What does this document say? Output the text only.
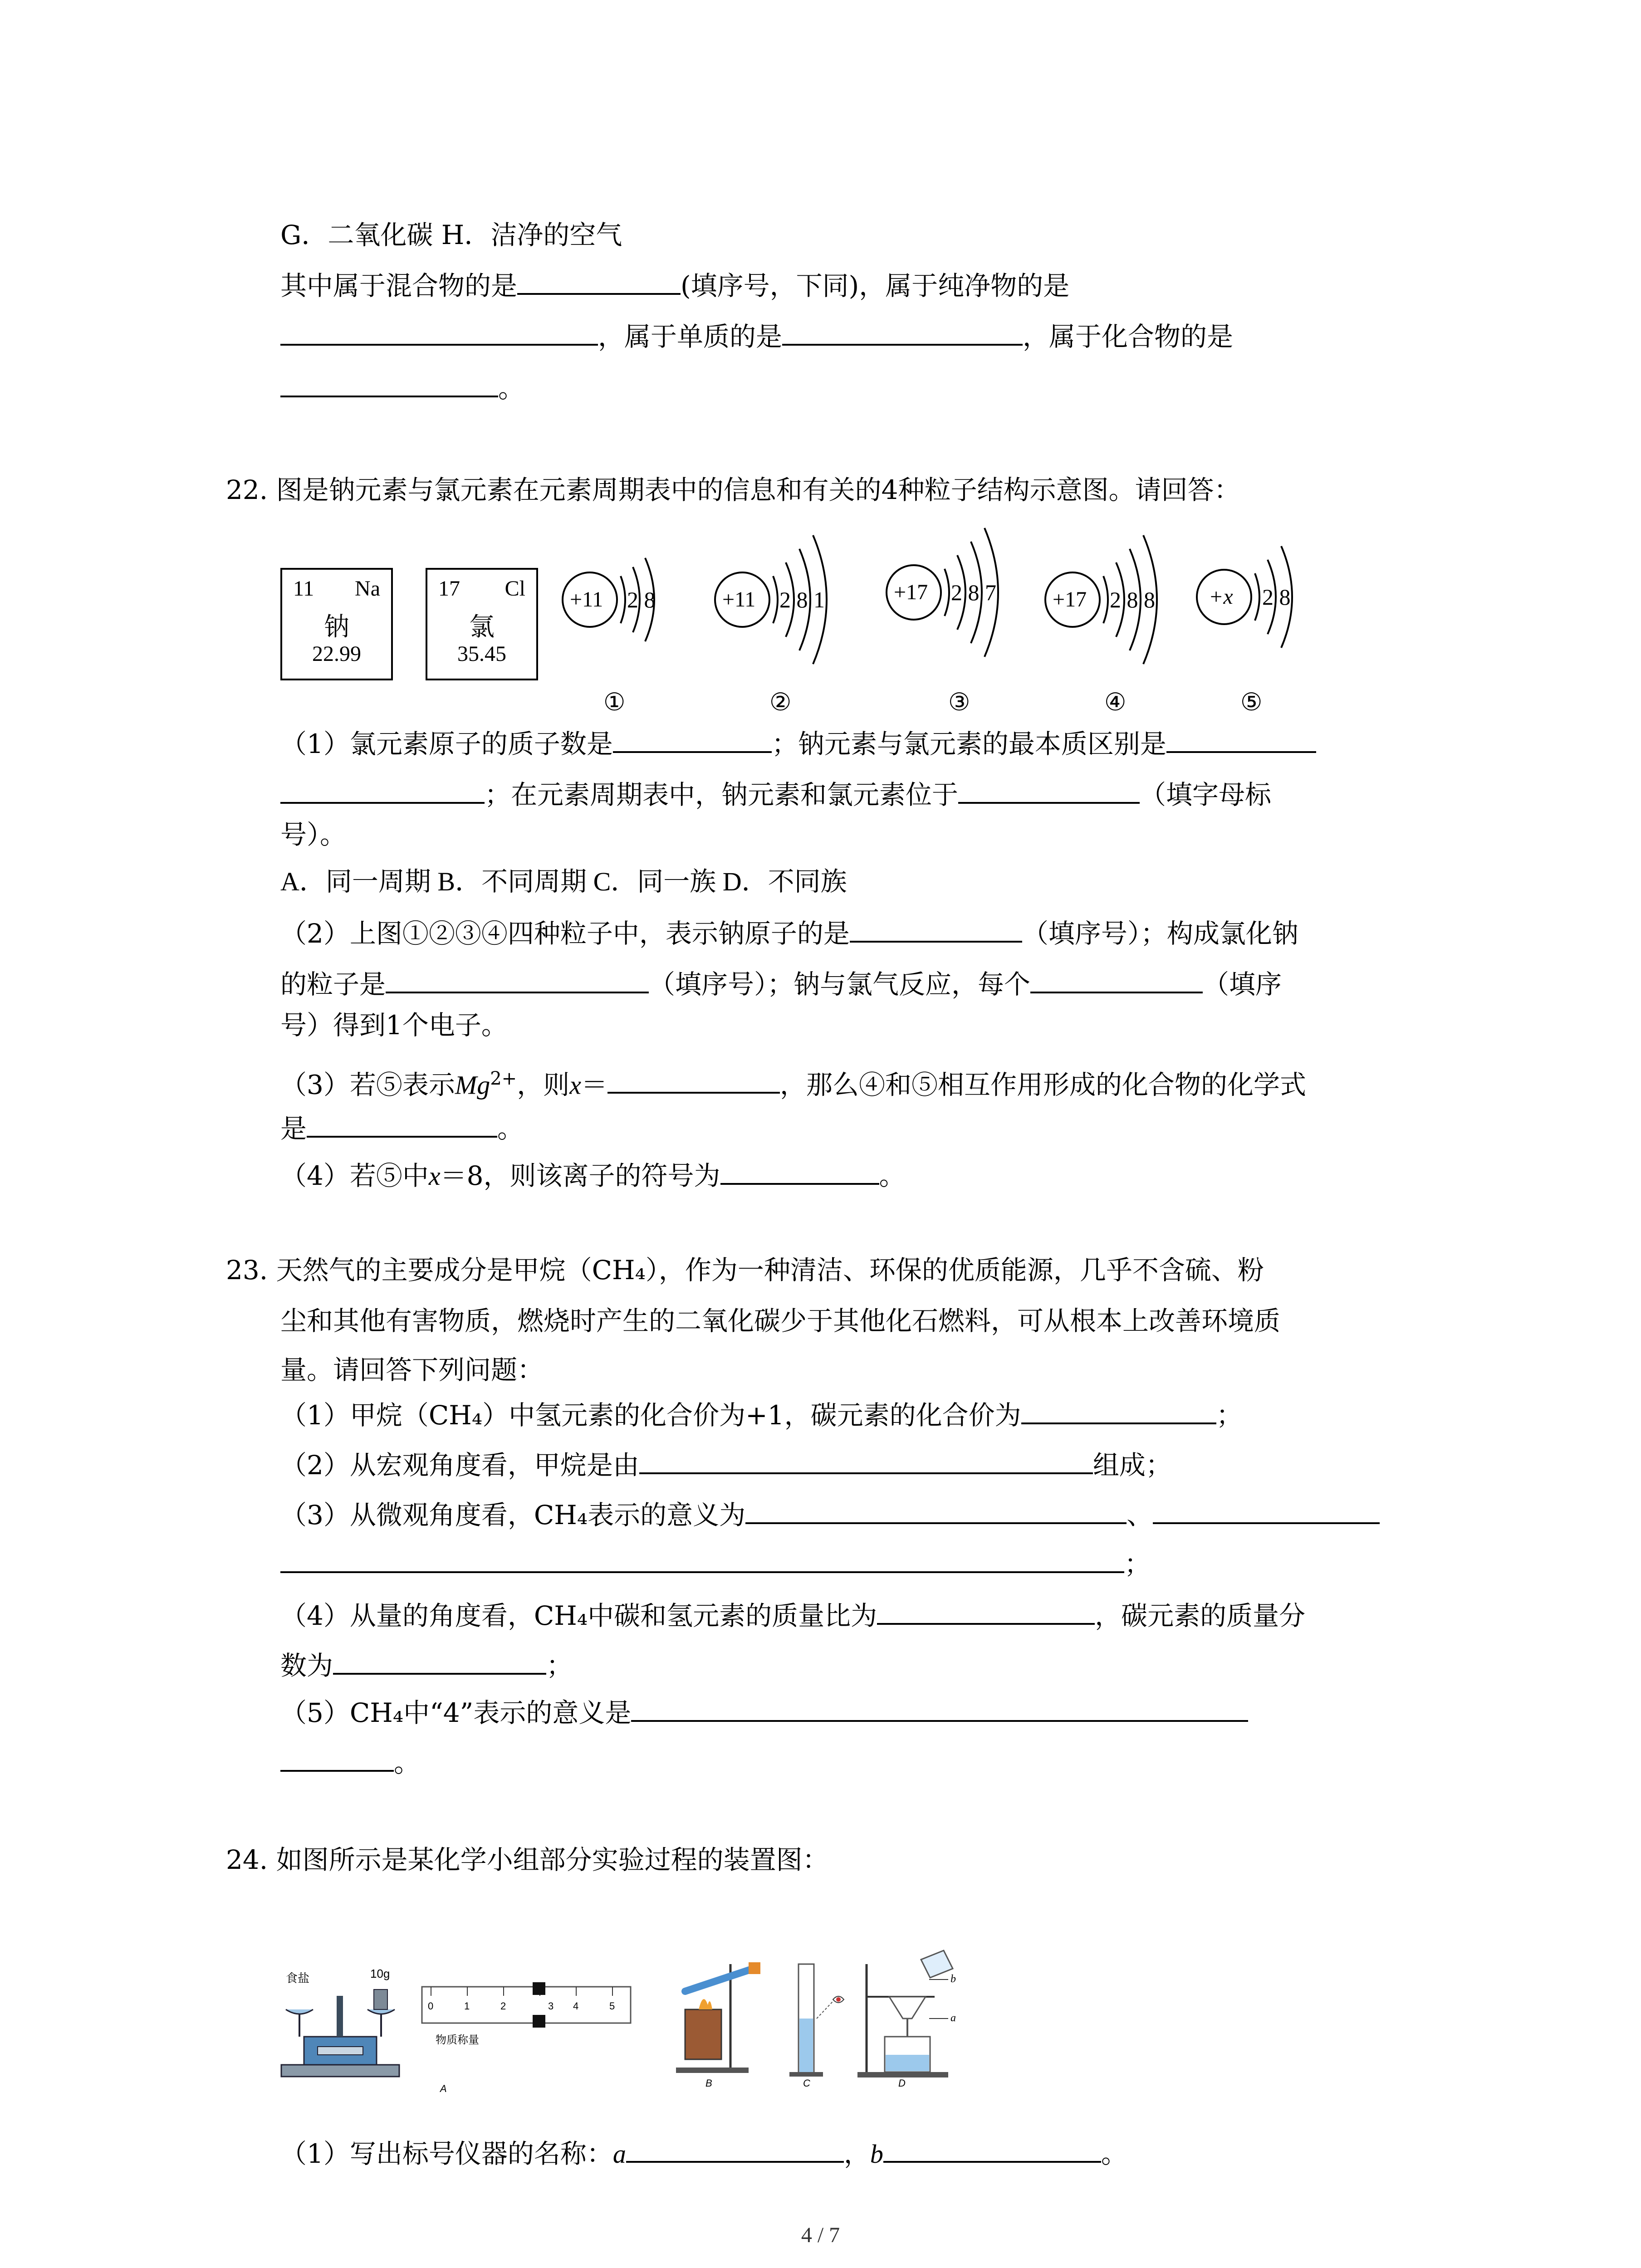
G．二氧化碳 H．洁净的空气
其中属于混合物的是	(填序号，下同)，属于纯净物的是
，属于单质的是	，属于化合物的是
。
22. 图是钠元素与氯元素在元素周期表中的信息和有关的4种粒子结构示意图。请回答：
11 Na
钠
22.99
17 Cl
氯
35.45
+11 2 8	+11 2 8 1	+17 2 8 7	+17 2 8 8 +x 2 8
①	②	③	④	⑤
（1）氯元素原子的质子数是	；钠元素与氯元素的最本质区别是
；在元素周期表中，钠元素和氯元素位于	（填字母标
号）。
A．同一周期 B．不同周期 C．同一族 D．不同族
（2）上图①②③④四种粒子中，表示钠原子的是	（填序号）；构成氯化钠
的粒子是	（填序号）；钠与氯气反应，每个	（填序
号）得到1个电子。
（3）若⑤表示$Mg^{2+}$，则x＝	，那么④和⑤相互作用形成的化合物的化学式
是	。
（4）若⑤中x＝8，则该离子的符号为	。
23. 天然气的主要成分是甲烷（CH₄），作为一种清洁、环保的优质能源，几乎不含硫、粉
尘和其他有害物质，燃烧时产生的二氧化碳少于其他化石燃料，可从根本上改善环境质
量。请回答下列问题：
（1）甲烷（CH₄）中氢元素的化合价为+1，碳元素的化合价为	；
（2）从宏观角度看，甲烷是由	组成；
（3）从微观角度看，CH₄表示的意义为	、
；
（4）从量的角度看，CH₄中碳和氢元素的质量比为	，碳元素的质量分
数为	；
（5）CH₄中“4”表示的意义是
。
24. 如图所示是某化学小组部分实验过程的装置图：
食盐	10g
0	1	2	3 4	5
物质称量
b
a
A	B	C	D
（1）写出标号仪器的名称：a	，b	。
4 / 7
